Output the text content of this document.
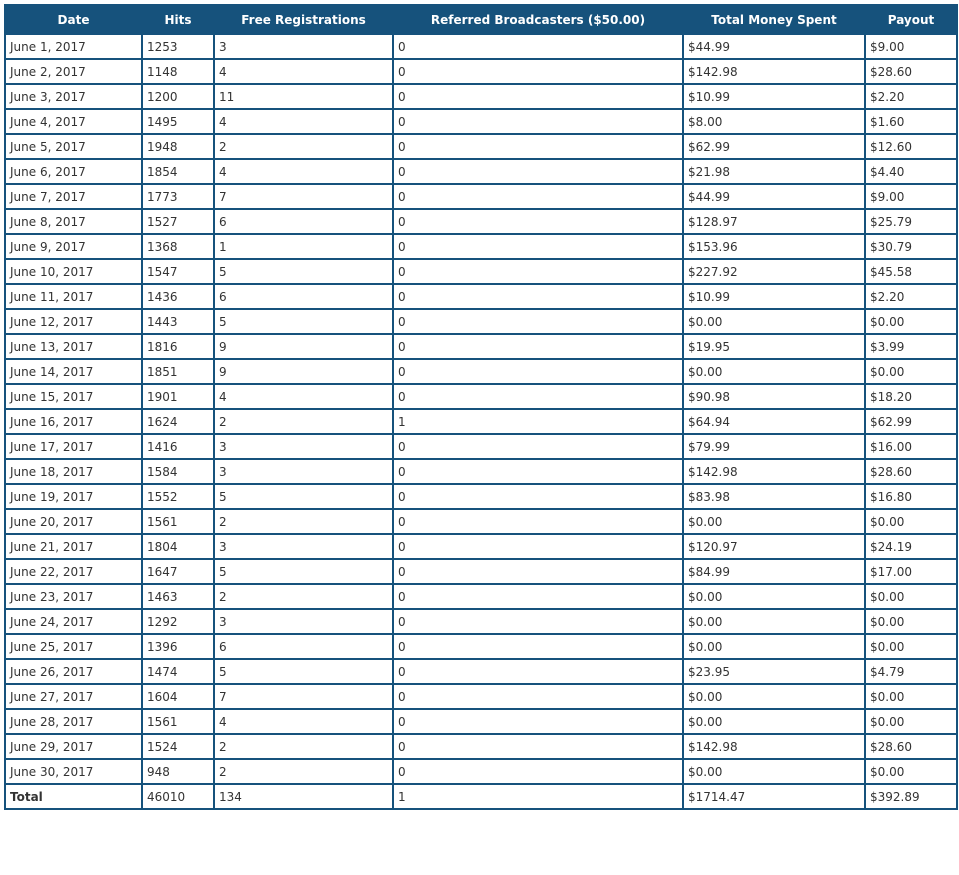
Date	Hits	Free Registrations	Referred Broadcasters ($50.00)	Total Money Spent	Payout
June 1, 2017	1253	3	0	$44.99	$9.00
June 2, 2017	1148	4	0	$142.98	$28.60
June 3, 2017	1200	11	0	$10.99	$2.20
June 4, 2017	1495	4	0	$8.00	$1.60
June 5, 2017	1948	2	0	$62.99	$12.60
June 6, 2017	1854	4	0	$21.98	$4.40
June 7, 2017	1773	7	0	$44.99	$9.00
June 8, 2017	1527	6	0	$128.97	$25.79
June 9, 2017	1368	1	0	$153.96	$30.79
June 10, 2017	1547	5	0	$227.92	$45.58
June 11, 2017	1436	6	0	$10.99	$2.20
June 12, 2017	1443	5	0	$0.00	$0.00
June 13, 2017	1816	9	0	$19.95	$3.99
June 14, 2017	1851	9	0	$0.00	$0.00
June 15, 2017	1901	4	0	$90.98	$18.20
June 16, 2017	1624	2	1	$64.94	$62.99
June 17, 2017	1416	3	0	$79.99	$16.00
June 18, 2017	1584	3	0	$142.98	$28.60
June 19, 2017	1552	5	0	$83.98	$16.80
June 20, 2017	1561	2	0	$0.00	$0.00
June 21, 2017	1804	3	0	$120.97	$24.19
June 22, 2017	1647	5	0	$84.99	$17.00
June 23, 2017	1463	2	0	$0.00	$0.00
June 24, 2017	1292	3	0	$0.00	$0.00
June 25, 2017	1396	6	0	$0.00	$0.00
June 26, 2017	1474	5	0	$23.95	$4.79
June 27, 2017	1604	7	0	$0.00	$0.00
June 28, 2017	1561	4	0	$0.00	$0.00
June 29, 2017	1524	2	0	$142.98	$28.60
June 30, 2017	948	2	0	$0.00	$0.00
Total	46010	134	1	$1714.47	$392.89
